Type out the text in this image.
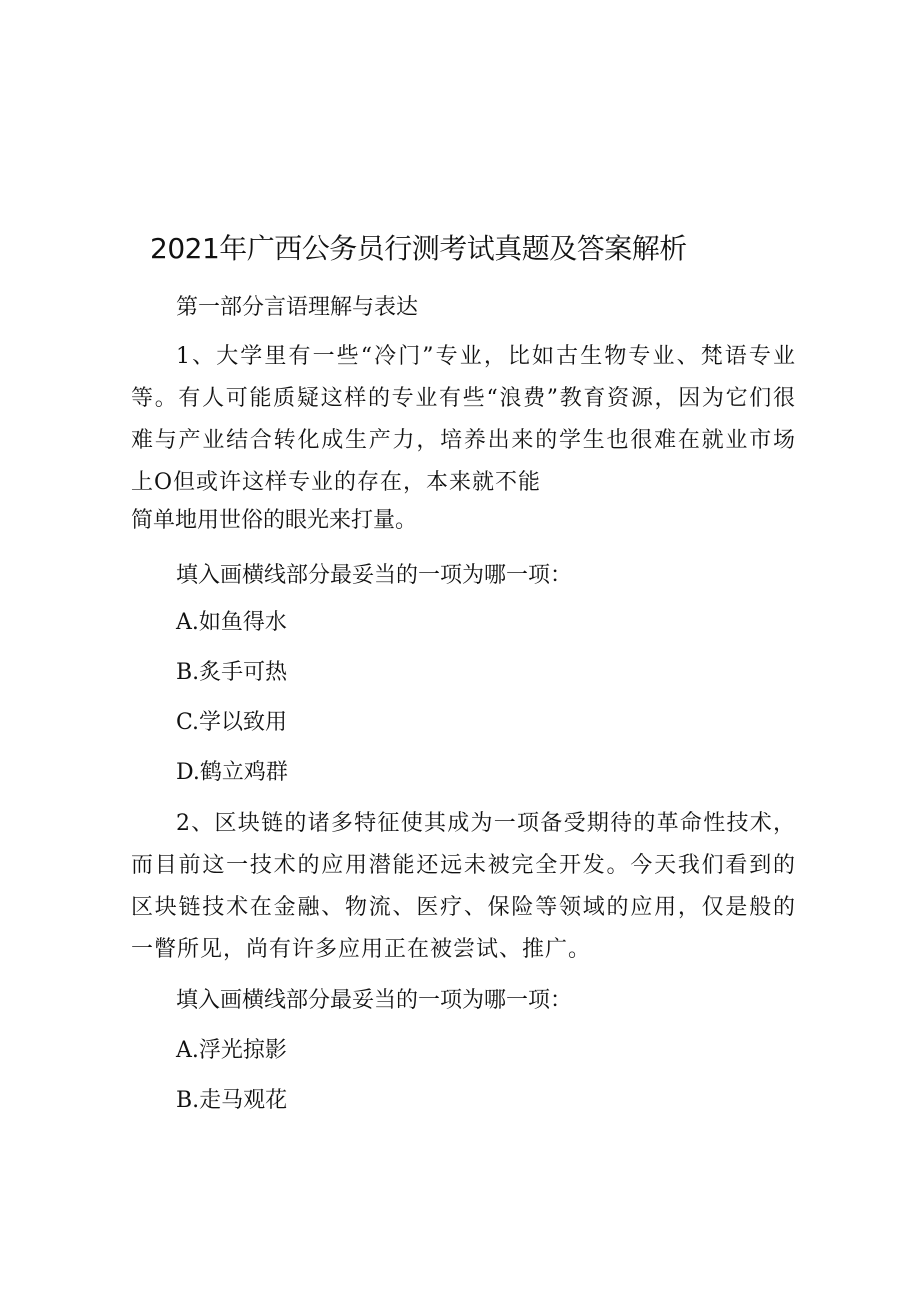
2021年广西公务员行测考试真题及答案解析
第一部分言语理解与表达
1、大学里有一些“冷门”专业，比如古生物专业、梵语专业等。有人可能质疑这样的专业有些“浪费”教育资源，因为它们很难与产业结合转化成生产力，培养出来的学生也很难在就业市场上O但或许这样专业的存在，本来就不能
简单地用世俗的眼光来打量。
填入画横线部分最妥当的一项为哪一项：
A.如鱼得水
B.炙手可热
C.学以致用
D.鹤立鸡群
2、区块链的诸多特征使其成为一项备受期待的革命性技术，而目前这一技术的应用潜能还远未被完全开发。今天我们看到的区块链技术在金融、物流、医疗、保险等领域的应用，仅是般的一瞥所见，尚有许多应用正在被尝试、推广。
填入画横线部分最妥当的一项为哪一项：
A.浮光掠影
B.走马观花
